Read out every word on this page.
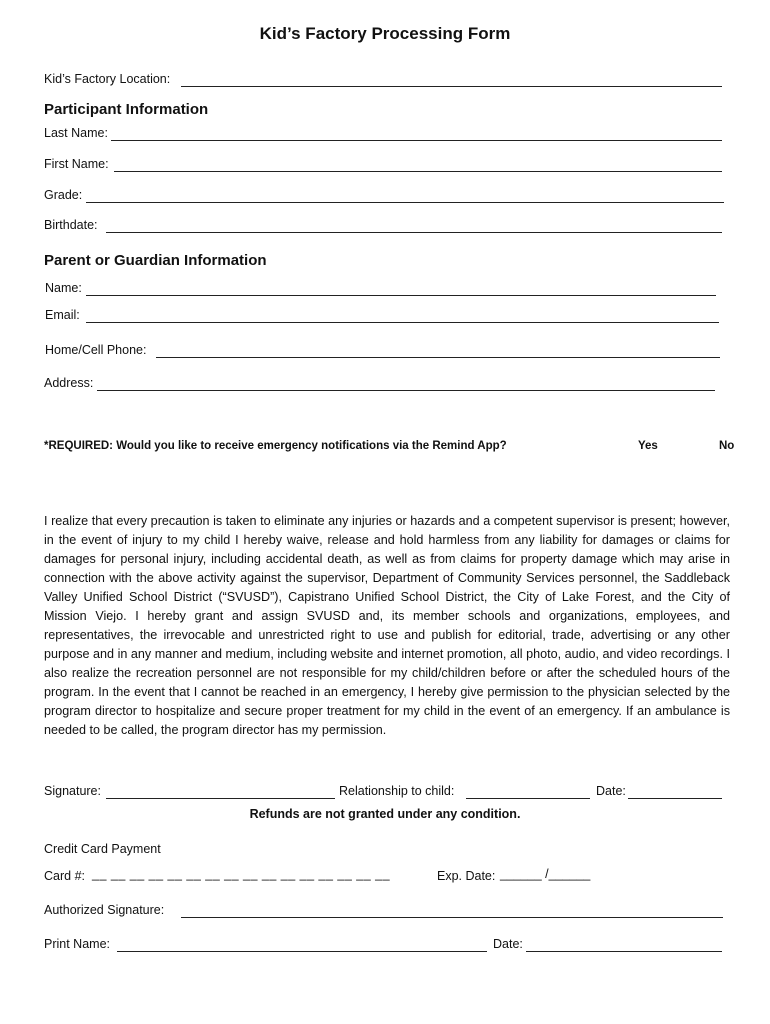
Kid’s Factory Processing Form
Kid’s Factory Location:
Participant Information
Last Name:
First Name:
Grade:
Birthdate:
Parent or Guardian Information
Name:
Email:
Home/Cell Phone:
Address:
*REQUIRED: Would you like to receive emergency notifications via the Remind App?	Yes	No
I realize that every precaution is taken to eliminate any injuries or hazards and a competent supervisor is present; however, in the event of injury to my child I hereby waive, release and hold harmless from any liability for damages or claims for damages for personal injury, including accidental death, as well as from claims for property damage which may arise in connection with the above activity against the supervisor, Department of Community Services personnel, the Saddleback Valley Unified School District (“SVUSD”), Capistrano Unified School District, the City of Lake Forest, and the City of Mission Viejo. I hereby grant and assign SVUSD and, its member schools and organizations, employees, and representatives, the irrevocable and unrestricted right to use and publish for editorial, trade, advertising or any other purpose and in any manner and medium, including website and internet promotion, all photo, audio, and video recordings. I also realize the recreation personnel are not responsible for my child/children before or after the scheduled hours of the program. In the event that I cannot be reached in an emergency, I hereby give permission to the physician selected by the program director to hospitalize and secure proper treatment for my child in the event of an emergency. If an ambulance is needed to be called, the program director has my permission.
Signature:	Relationship to child:	Date:
Refunds are not granted under any condition.
Credit Card Payment
Card #: __ __ __ __ __ __ __ __ __ __ __ __ __ __ __ __	Exp. Date: ______ /______
Authorized Signature:
Print Name:	Date:
